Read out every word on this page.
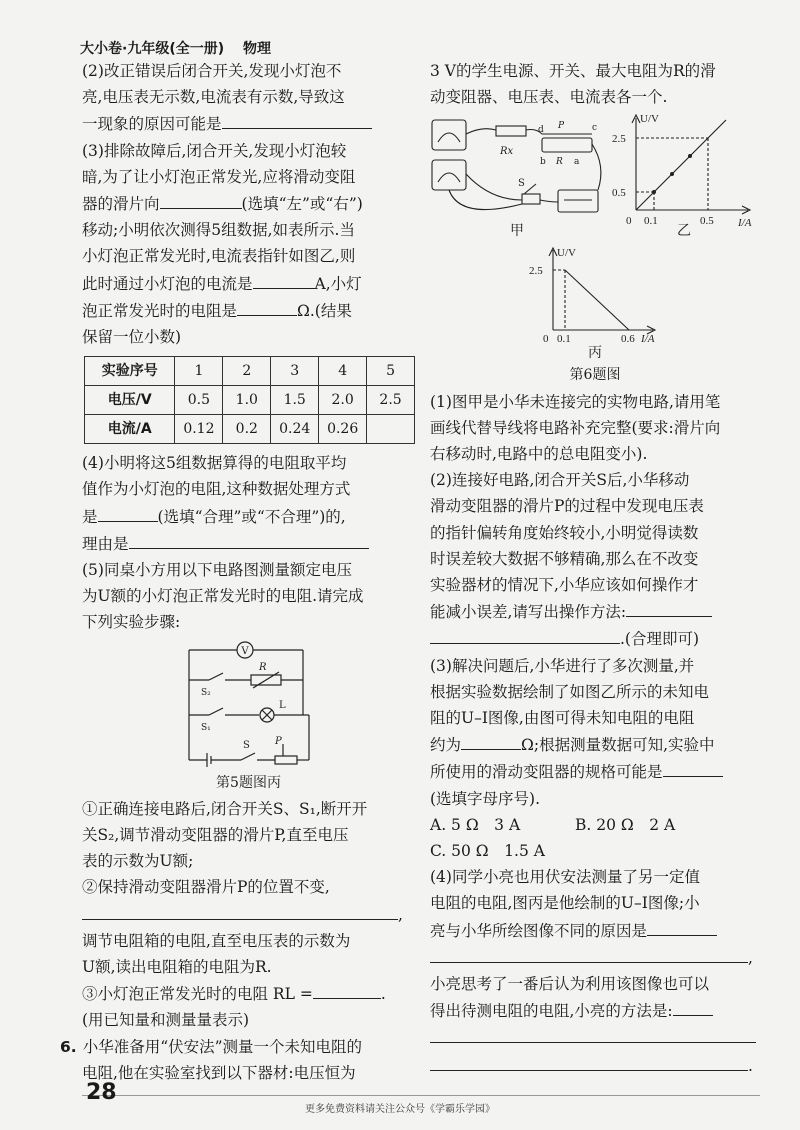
大小卷·九年级(全一册) 物理

(2)改正错误后闭合开关,发现小灯泡不

亮,电压表无示数,电流表有示数,导致这

一现象的原因可能是

(3)排除故障后,闭合开关,发现小灯泡较

暗,为了让小灯泡正常发光,应将滑动变阻

器的滑片向	(选填“左”或“右”)

移动;小明依次测得5组数据,如表所示.当

小灯泡正常发光时,电流表指针如图乙,则

此时通过小灯泡的电流是	A,小灯

泡正常发光时的电阻是	Ω.(结果

保留一位小数)

实验序号	1	2	3	4	5
电压/V	0.5	1.0	1.5	2.0	2.5
电流/A	0.12	0.2	0.24	0.26	

(4)小明将这5组数据算得的电阻取平均

值作为小灯泡的电阻,这种数据处理方式

是	(选填“合理”或“不合理”)的,

理由是

(5)同桌小方用以下电路图测量额定电压

为U额的小灯泡正常发光时的电阻.请完成

下列实验步骤:

V
R
S₂
L
S₁
S	P

第5题图丙

①正确连接电路后,闭合开关S、S₁,断开开

关S₂,调节滑动变阻器的滑片P,直至电压

表的示数为U额;

②保持滑动变阻器滑片P的位置不变,

,

调节电阻箱的电阻,直至电压表的示数为

U额,读出电阻箱的电阻为R.

③小灯泡正常发光时的电阻 RL =	.

(用已知量和测量量表示)

6. 小华准备用“伏安法”测量一个未知电阻的

电阻,他在实验室找到以下器材:电压恒为

3 V的学生电源、开关、最大电阻为R的滑

动变阻器、电压表、电流表各一个.

Rx
d P	c
b R a
S

甲

U/V
I/A
2.5
0.5
0 0.1	0.5

乙

U/V
I/A
2.5
0 0.1	0.6

丙

第6题图

(1)图甲是小华未连接完的实物电路,请用笔

画线代替导线将电路补充完整(要求:滑片向

右移动时,电路中的总电阻变小).

(2)连接好电路,闭合开关S后,小华移动

滑动变阻器的滑片P的过程中发现电压表

的指针偏转角度始终较小,小明觉得读数

时误差较大数据不够精确,那么在不改变

实验器材的情况下,小华应该如何操作才

能减小误差,请写出操作方法:

.(合理即可)

(3)解决问题后,小华进行了多次测量,并

根据实验数据绘制了如图乙所示的未知电

阻的U–I图像,由图可得未知电阻的电阻

约为	Ω;根据测量数据可知,实验中

所使用的滑动变阻器的规格可能是

(选填字母序号).

A. 5 Ω　3 A	B. 20 Ω　2 A

C. 50 Ω　1.5 A

(4)同学小亮也用伏安法测量了另一定值

电阻的电阻,图丙是他绘制的U–I图像;小

亮与小华所绘图像不同的原因是

,

小亮思考了一番后认为利用该图像也可以

得出待测电阻的电阻,小亮的方法是:

.

28
更多免费资料请关注公众号《学霸乐学园》
